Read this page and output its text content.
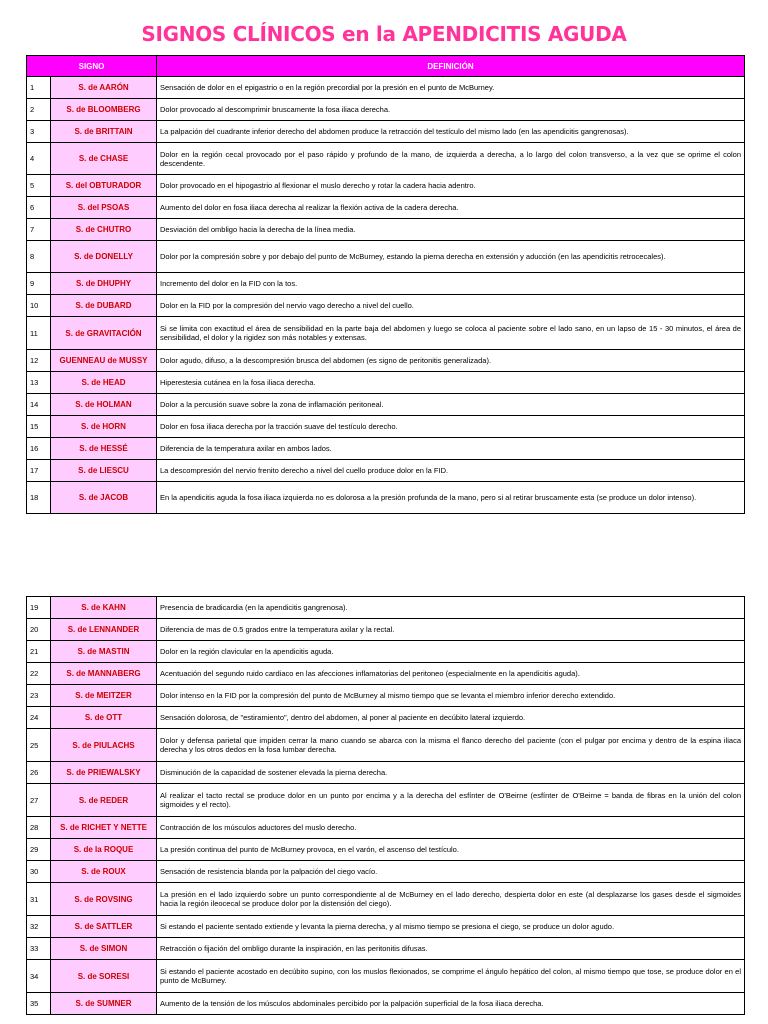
SIGNOS CLÍNICOS en la APENDICITIS AGUDA
SIGNO		DEFINICIÓN
1	S. de AARÓN	Sensación de dolor en el epigastrio o en la región precordial por la presión en el punto de McBurney.
2	S. de BLOOMBERG	Dolor provocado al descomprimir bruscamente la fosa iliaca derecha.
3	S. de BRITTAIN	La palpación del cuadrante inferior derecho del abdomen produce la retracción del testículo del mismo lado (en las apendicitis gangrenosas).
4	S. de CHASE	Dolor en la región cecal provocado por el paso rápido y profundo de la mano, de izquierda a derecha, a lo largo del colon transverso, a la vez que se oprime el colon descendente.
5	S. del OBTURADOR	Dolor provocado en el hipogastrio al flexionar el muslo derecho y rotar la cadera hacia adentro.
6	S. del PSOAS	Aumento del dolor en fosa iliaca derecha al realizar la flexión activa de la cadera derecha.
7	S. de CHUTRO	Desviación del ombligo hacia la derecha de la línea media.
8	S. de DONELLY	Dolor por la compresión sobre y por debajo del punto de McBurney, estando la pierna derecha en extensión y aducción (en las apendicitis retrocecales).
9	S. de DHUPHY	Incremento del dolor en la FID con la tos.
10	S. de DUBARD	Dolor en la FID por la compresión del nervio vago derecho a nivel del cuello.
11	S. de GRAVITACIÓN	Si se limita con exactitud el área de sensibilidad en la parte baja del abdomen y luego se coloca al paciente sobre el lado sano, en un lapso de 15 - 30 minutos, el área de sensibilidad, el dolor y la rigidez son más notables y extensas.
12	GUENNEAU de MUSSY	Dolor agudo, difuso, a la descompresión brusca del abdomen (es signo de peritonitis generalizada).
13	S. de HEAD	Hiperestesia cutánea en la fosa iliaca derecha.
14	S. de HOLMAN	Dolor a la percusión suave sobre la zona de inflamación peritoneal.
15	S. de HORN	Dolor en fosa iliaca derecha por la tracción suave del testículo derecho.
16	S. de HESSÉ	Diferencia de la temperatura axilar en ambos lados.
17	S. de LIESCU	La descompresión del nervio frenito derecho a nivel del cuello produce dolor en la FID.
18	S. de JACOB	En la apendicitis aguda la fosa iliaca izquierda no es dolorosa a la presión profunda de la mano, pero si al retirar bruscamente esta (se produce un dolor intenso).
19	S. de KAHN	Presencia de bradicardia (en la apendicitis gangrenosa).
20	S. de LENNANDER	Diferencia de mas de 0.5 grados entre la temperatura axilar y la rectal.
21	S. de MASTIN	Dolor en la región clavicular en la apendicitis aguda.
22	S. de MANNABERG	Acentuación del segundo ruido cardiaco en las afecciones inflamatorias del peritoneo (especialmente en la apendicitis aguda).
23	S. de MEITZER	Dolor intenso en la FID por la compresión del punto de McBurney al mismo tiempo que se levanta el miembro inferior derecho extendido.
24	S. de OTT	Sensación dolorosa, de "estiramiento", dentro del abdomen, al poner al paciente en decúbito lateral izquierdo.
25	S. de PIULACHS	Dolor y defensa parietal que impiden cerrar la mano cuando se abarca con la misma el flanco derecho del paciente (con el pulgar por encima y dentro de la espina iliaca derecha y los otros dedos en la fosa lumbar derecha.
26	S. de PRIEWALSKY	Disminución de la capacidad de sostener elevada la pierna derecha.
27	S. de REDER	Al realizar el tacto rectal se produce dolor en un punto por encima y a la derecha del esfínter de O'Beirne (esfínter de O'Beirne = banda de fibras en la unión del colon sigmoides y el recto).
28	S. de RICHET Y NETTE	Contracción de los músculos aductores del muslo derecho.
29	S. de la ROQUE	La presión continua del punto de McBurney provoca, en el varón, el ascenso del testículo.
30	S. de ROUX	Sensación de resistencia blanda por la palpación del ciego vacío.
31	S. de ROVSING	La presión en el lado izquierdo sobre un punto correspondiente al de McBurney en el lado derecho, despierta dolor en este (al desplazarse los gases desde el sigmoides hacia la región ileocecal se produce dolor por la distensión del ciego).
32	S. de SATTLER	Si estando el paciente sentado extiende y levanta la pierna derecha, y al mismo tiempo se presiona el ciego, se produce un dolor agudo.
33	S. de SIMON	Retracción o fijación del ombligo durante la inspiración, en las peritonitis difusas.
34	S. de SORESI	Si estando el paciente acostado en decúbito supino, con los muslos flexionados, se comprime el ángulo hepático del colon, al mismo tiempo que tose, se produce dolor en el punto de McBurney.
35	S. de SUMNER	Aumento de la tensión de los músculos abdominales percibido por la palpación superficial de la fosa iliaca derecha.
